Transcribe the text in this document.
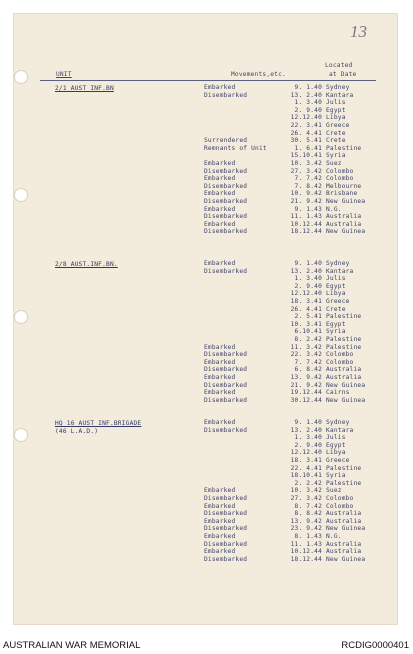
13
UNIT	Movements,etc.
Located
at Date
2/1 AUST INF.BN	Embarked	9. 1.40 Sydney
Disembarked	13. 2.40 Kantara
1. 3.40 Julis
2. 9.40 Egypt
12.12.40 Libya
22. 3.41 Greece
26. 4.41 Crete
Surrendered	30. 5.41 Crete
Remnants of Unit	1. 6.41 Palestine
15.10.41 Syria
Embarked	10. 3.42 Suez
Disembarked	27. 3.42 Colombo
Embarked	7. 7.42 Colombo
Disembarked	7. 8.42 Melbourne
Embarked	10. 9.42 Brisbane
Disembarked	21. 9.42 New Guinea
Embarked	9. 1.43 N.G.
Disembarked	11. 1.43 Australia
Embarked	10.12.44 Australia
Disembarked	18.12.44 New Guinea
2/8 AUST.INF.BN.	Embarked	9. 1.40 Sydney
Disembarked	13. 2.40 Kantara
1. 3.40 Julis
2. 9.40 Egypt
12.12.40 Libya
18. 3.41 Greece
26. 4.41 Crete
2. 5.41 Palestine
10. 3.41 Egypt
6.10.41 Syria
8. 2.42 Palestine
Embarked	11. 3.42 Palestine
Disembarked	22. 3.42 Colombo
Embarked	7. 7.42 Colombo
Disembarked	6. 8.42 Australia
Embarked	13. 9.42 Australia
Disembarked	21. 9.42 New Guinea
Embarked	19.12.44 Cairns
Disembarked	30.12.44 New Guinea
HQ 16 AUST INF.BRIGADE
(46 L.A.D.)
Embarked	9. 1.40 Sydney
Disembarked	13. 2.40 Kantara
1. 3.40 Julis
2. 9.40 Egypt
12.12.40 Libya
18. 3.41 Greece
22. 4.41 Palestine
18.10.41 Syria
2. 2.42 Palestine
Embarked	10. 3.42 Suez
Disembarked	27. 3.42 Colombo
Embarked	8. 7.42 Colombo
Disembarked	8. 8.42 Australia
Embarked	13. 9.42 Australia
Disembarked	23. 9.42 New Guinea
Embarked	8. 1.43 N.G.
Disembarked	11. 1.43 Australia
Embarked	10.12.44 Australia
Disembarked	18.12.44 New Guinea
AUSTRALIAN WAR MEMORIAL	RCDIG0000401
